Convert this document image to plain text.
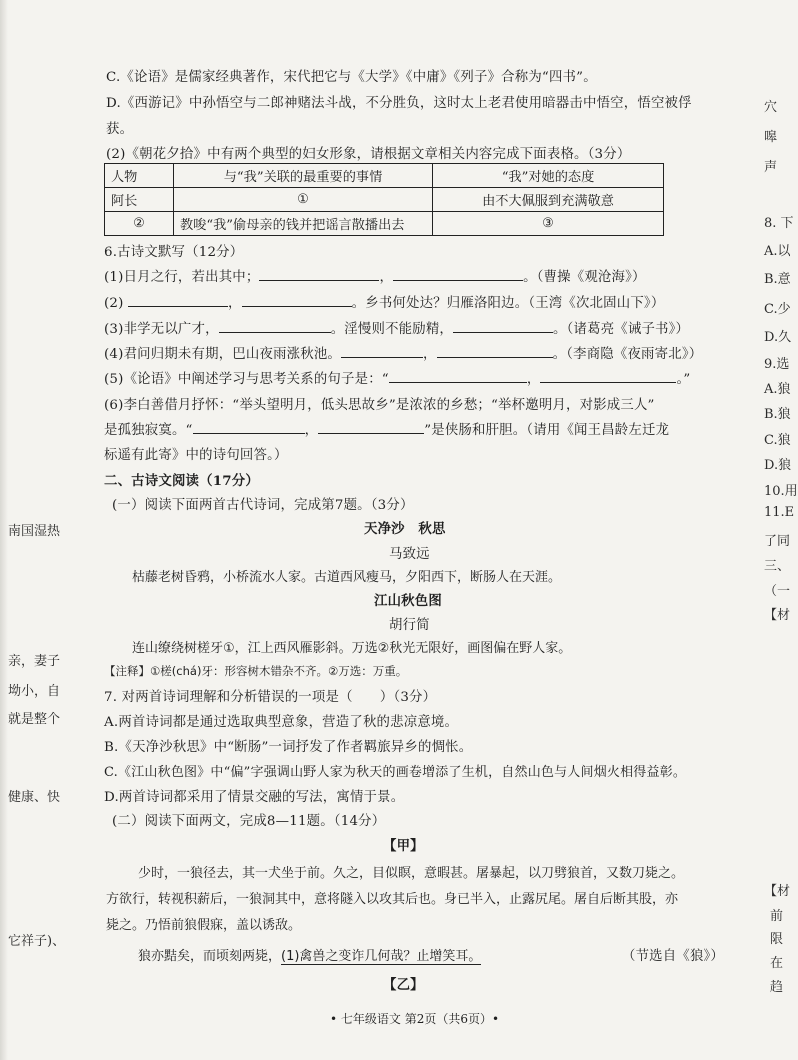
C.《论语》是儒家经典著作，宋代把它与《大学》《中庸》《列子》合称为“四书”。
D.《西游记》中孙悟空与二郎神赌法斗战，不分胜负，这时太上老君使用暗器击中悟空，悟空被俘
获。
(2)《朝花夕拾》中有两个典型的妇女形象，请根据文章相关内容完成下面表格。（3分）
人物	与“我”关联的最重要的事情	“我”对她的态度
阿长	①	由不大佩服到充满敬意
②	教唆“我”偷母亲的钱并把谣言散播出去	③
6.古诗文默写（12分）
(1)日月之行，若出其中；	，	。（曹操《观沧海》）
(2)	，	。乡书何处达？归雁洛阳边。（王湾《次北固山下》）
(3)非学无以广才，	。淫慢则不能励精，	。（诸葛亮《诫子书》）
(4)君问归期未有期，巴山夜雨涨秋池。	，	。（李商隐《夜雨寄北》）
(5)《论语》中阐述学习与思考关系的句子是：“	，	。”
(6)李白善借月抒怀：“举头望明月，低头思故乡”是浓浓的乡愁；“举杯邀明月，对影成三人”
是孤独寂寞。“	，	”是侠肠和肝胆。（请用《闻王昌龄左迁龙
标遥有此寄》中的诗句回答。）
二、古诗文阅读（17分）
(一）阅读下面两首古代诗词，完成第7题。（3分）
天净沙　秋思
马致远
枯藤老树昏鸦，小桥流水人家。古道西风瘦马，夕阳西下，断肠人在天涯。
江山秋色图
胡行简
连山缭绕树槎牙①，江上西风雁影斜。万选②秋光无限好，画图偏在野人家。
【注释】①槎(chá)牙：形容树木错杂不齐。②万选：万重。
7. 对两首诗词理解和分析错误的一项是（　　）（3分）
A.两首诗词都是通过选取典型意象，营造了秋的悲凉意境。
B.《天净沙秋思》中“断肠”一词抒发了作者羁旅异乡的惆怅。
C.《江山秋色图》中“偏”字强调山野人家为秋天的画卷增添了生机，自然山色与人间烟火相得益彰。
D.两首诗词都采用了情景交融的写法，寓情于景。
(二）阅读下面两文，完成8—11题。（14分）
【甲】
少时，一狼径去，其一犬坐于前。久之，目似瞑，意暇甚。屠暴起，以刀劈狼首，又数刀毙之。
方欲行，转视积薪后，一狼洞其中，意将隧入以攻其后也。身已半入，止露尻尾。屠自后断其股，亦
毙之。乃悟前狼假寐，盖以诱敌。
狼亦黠矣，而顷刻两毙，(1)禽兽之变诈几何哉？止增笑耳。	（节选自《狼》）
【乙】
• 七年级语文 第2页（共6页）•
南国湿热
亲，妻子
坳小，自
就是整个
健康、快
它祥子)、
穴
嗥
声
8. 下
A.以
B.意
C.少
D.久
9.选
A.狼
B.狼
C.狼
D.狼
10.用
11.E
了同
三、
（一
【材
【材
前
限
在
趋
